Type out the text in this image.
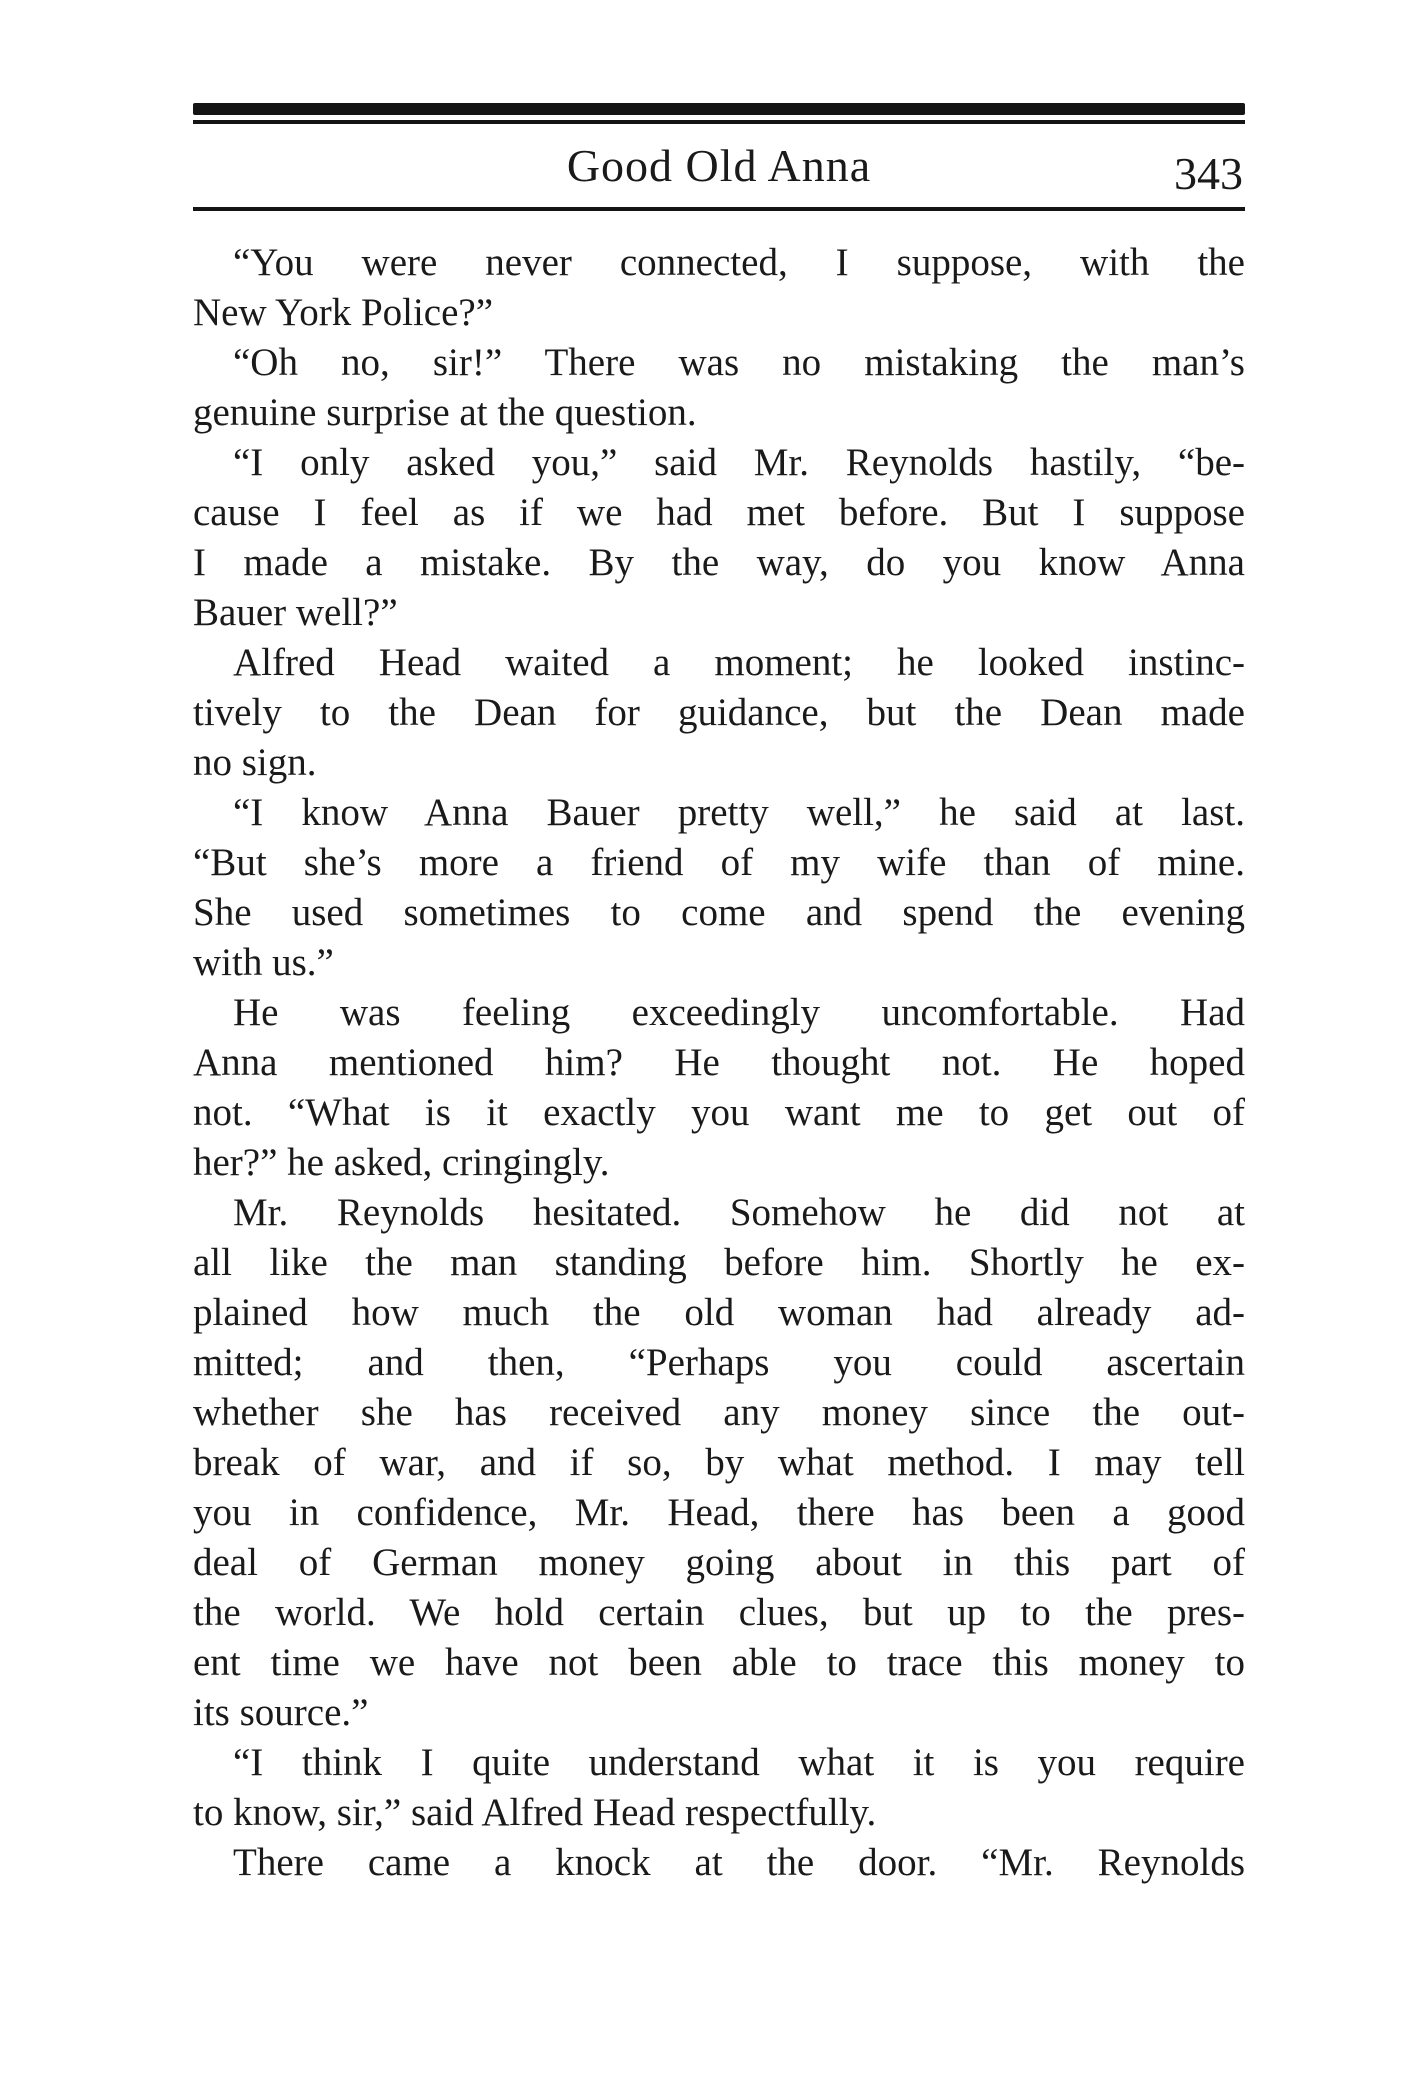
Good Old Anna	343

“You were never connected, I suppose, with the
New York Police?”

“Oh no, sir!” There was no mistaking the man’s
genuine surprise at the question.

“I only asked you,” said Mr. Reynolds hastily, “be-
cause I feel as if we had met before. But I suppose
I made a mistake. By the way, do you know Anna
Bauer well?”

Alfred Head waited a moment; he looked instinc-
tively to the Dean for guidance, but the Dean made
no sign.

“I know Anna Bauer pretty well,” he said at last.
“But she’s more a friend of my wife than of mine.
She used sometimes to come and spend the evening
with us.”

He was feeling exceedingly uncomfortable. Had
Anna mentioned him? He thought not. He hoped
not. “What is it exactly you want me to get out of
her?” he asked, cringingly.

Mr. Reynolds hesitated. Somehow he did not at
all like the man standing before him. Shortly he ex-
plained how much the old woman had already ad-
mitted; and then, “Perhaps you could ascertain
whether she has received any money since the out-
break of war, and if so, by what method. I may tell
you in confidence, Mr. Head, there has been a good
deal of German money going about in this part of
the world. We hold certain clues, but up to the pres-
ent time we have not been able to trace this money to
its source.”

“I think I quite understand what it is you require
to know, sir,” said Alfred Head respectfully.

There came a knock at the door. “Mr. Reynolds
